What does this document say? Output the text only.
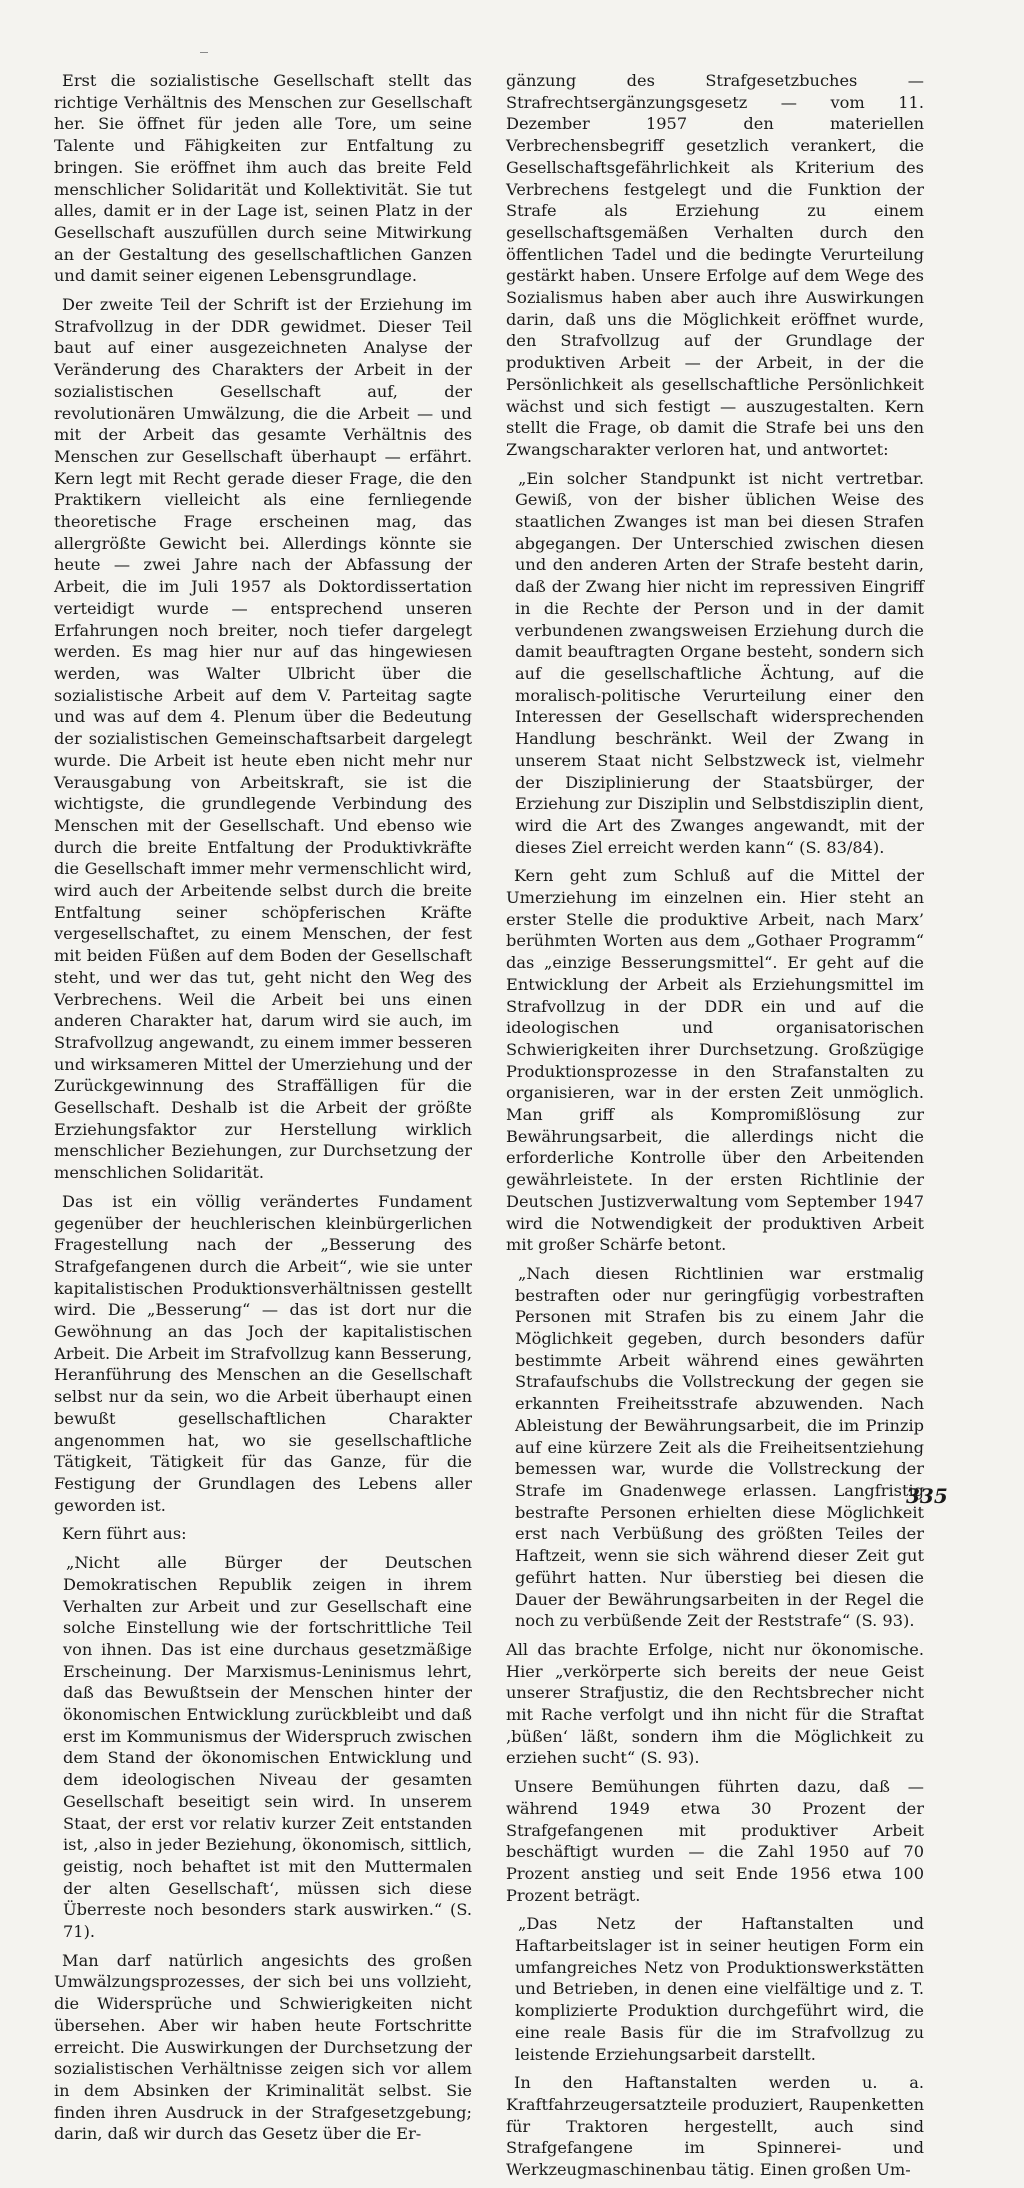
Erst die sozialistische Gesellschaft stellt das richtige Verhältnis des Menschen zur Gesellschaft her. Sie öffnet für jeden alle Tore, um seine Talente und Fähigkeiten zur Entfaltung zu bringen. Sie eröffnet ihm auch das breite Feld menschlicher Solidarität und Kollektivität. Sie tut alles, damit er in der Lage ist, seinen Platz in der Gesellschaft auszufüllen durch seine Mitwirkung an der Gestaltung des gesellschaftlichen Ganzen und damit seiner eigenen Lebensgrundlage.

Der zweite Teil der Schrift ist der Erziehung im Strafvollzug in der DDR gewidmet. Dieser Teil baut auf einer ausgezeichneten Analyse der Veränderung des Charakters der Arbeit in der sozialistischen Gesellschaft auf, der revolutionären Umwälzung, die die Arbeit — und mit der Arbeit das gesamte Verhältnis des Menschen zur Gesellschaft überhaupt — erfährt. Kern legt mit Recht gerade dieser Frage, die den Praktikern vielleicht als eine fernliegende theoretische Frage erscheinen mag, das allergrößte Gewicht bei. Allerdings könnte sie heute — zwei Jahre nach der Abfassung der Arbeit, die im Juli 1957 als Doktordissertation verteidigt wurde — entsprechend unseren Erfahrungen noch breiter, noch tiefer dargelegt werden. Es mag hier nur auf das hingewiesen werden, was Walter Ulbricht über die sozialistische Arbeit auf dem V. Parteitag sagte und was auf dem 4. Plenum über die Bedeutung der sozialistischen Gemeinschaftsarbeit dargelegt wurde. Die Arbeit ist heute eben nicht mehr nur Verausgabung von Arbeitskraft, sie ist die wichtigste, die grundlegende Verbindung des Menschen mit der Gesellschaft. Und ebenso wie durch die breite Entfaltung der Produktivkräfte die Gesellschaft immer mehr vermenschlicht wird, wird auch der Arbeitende selbst durch die breite Entfaltung seiner schöpferischen Kräfte vergesellschaftet, zu einem Menschen, der fest mit beiden Füßen auf dem Boden der Gesellschaft steht, und wer das tut, geht nicht den Weg des Verbrechens. Weil die Arbeit bei uns einen anderen Charakter hat, darum wird sie auch, im Strafvollzug angewandt, zu einem immer besseren und wirksameren Mittel der Umerziehung und der Zurückgewinnung des Straffälligen für die Gesellschaft. Deshalb ist die Arbeit der größte Erziehungsfaktor zur Herstellung wirklich menschlicher Beziehungen, zur Durchsetzung der menschlichen Solidarität.

Das ist ein völlig verändertes Fundament gegenüber der heuchlerischen kleinbürgerlichen Fragestellung nach der „Besserung des Strafgefangenen durch die Arbeit“, wie sie unter kapitalistischen Produktionsverhältnissen gestellt wird. Die „Besserung“ — das ist dort nur die Gewöhnung an das Joch der kapitalistischen Arbeit. Die Arbeit im Strafvollzug kann Besserung, Heranführung des Menschen an die Gesellschaft selbst nur da sein, wo die Arbeit überhaupt einen bewußt gesellschaftlichen Charakter angenommen hat, wo sie gesellschaftliche Tätigkeit, Tätigkeit für das Ganze, für die Festigung der Grundlagen des Lebens aller geworden ist.

Kern führt aus:

„Nicht alle Bürger der Deutschen Demokratischen Republik zeigen in ihrem Verhalten zur Arbeit und zur Gesellschaft eine solche Einstellung wie der fortschrittliche Teil von ihnen. Das ist eine durchaus gesetzmäßige Erscheinung. Der Marxismus-Leninismus lehrt, daß das Bewußtsein der Menschen hinter der ökonomischen Entwicklung zurückbleibt und daß erst im Kommunismus der Widerspruch zwischen dem Stand der ökonomischen Entwicklung und dem ideologischen Niveau der gesamten Gesellschaft beseitigt sein wird. In unserem Staat, der erst vor relativ kurzer Zeit entstanden ist, ‚also in jeder Beziehung, ökonomisch, sittlich, geistig, noch behaftet ist mit den Muttermalen der alten Gesellschaft‘, müssen sich diese Überreste noch besonders stark auswirken.“ (S. 71).

Man darf natürlich angesichts des großen Umwälzungsprozesses, der sich bei uns vollzieht, die Widersprüche und Schwierigkeiten nicht übersehen. Aber wir haben heute Fortschritte erreicht. Die Auswirkungen der Durchsetzung der sozialistischen Verhältnisse zeigen sich vor allem in dem Absinken der Kriminalität selbst. Sie finden ihren Ausdruck in der Strafgesetzgebung; darin, daß wir durch das Gesetz über die Er-

gänzung des Strafgesetzbuches — Strafrechtsergänzungsgesetz — vom 11. Dezember 1957 den materiellen Verbrechensbegriff gesetzlich verankert, die Gesellschaftsgefährlichkeit als Kriterium des Verbrechens festgelegt und die Funktion der Strafe als Erziehung zu einem gesellschaftsgemäßen Verhalten durch den öffentlichen Tadel und die bedingte Verurteilung gestärkt haben. Unsere Erfolge auf dem Wege des Sozialismus haben aber auch ihre Auswirkungen darin, daß uns die Möglichkeit eröffnet wurde, den Strafvollzug auf der Grundlage der produktiven Arbeit — der Arbeit, in der die Persönlichkeit als gesellschaftliche Persönlichkeit wächst und sich festigt — auszugestalten. Kern stellt die Frage, ob damit die Strafe bei uns den Zwangscharakter verloren hat, und antwortet:

„Ein solcher Standpunkt ist nicht vertretbar. Gewiß, von der bisher üblichen Weise des staatlichen Zwanges ist man bei diesen Strafen abgegangen. Der Unterschied zwischen diesen und den anderen Arten der Strafe besteht darin, daß der Zwang hier nicht im repressiven Eingriff in die Rechte der Person und in der damit verbundenen zwangsweisen Erziehung durch die damit beauftragten Organe besteht, sondern sich auf die gesellschaftliche Ächtung, auf die moralisch-politische Verurteilung einer den Interessen der Gesellschaft widersprechenden Handlung beschränkt. Weil der Zwang in unserem Staat nicht Selbstzweck ist, vielmehr der Disziplinierung der Staatsbürger, der Erziehung zur Disziplin und Selbstdisziplin dient, wird die Art des Zwanges angewandt, mit der dieses Ziel erreicht werden kann“ (S. 83/84).

Kern geht zum Schluß auf die Mittel der Umerziehung im einzelnen ein. Hier steht an erster Stelle die produktive Arbeit, nach Marx’ berühmten Worten aus dem „Gothaer Programm“ das „einzige Besserungsmittel“. Er geht auf die Entwicklung der Arbeit als Erziehungsmittel im Strafvollzug in der DDR ein und auf die ideologischen und organisatorischen Schwierigkeiten ihrer Durchsetzung. Großzügige Produktionsprozesse in den Strafanstalten zu organisieren, war in der ersten Zeit unmöglich. Man griff als Kompromißlösung zur Bewährungsarbeit, die allerdings nicht die erforderliche Kontrolle über den Arbeitenden gewährleistete. In der ersten Richtlinie der Deutschen Justizverwaltung vom September 1947 wird die Notwendigkeit der produktiven Arbeit mit großer Schärfe betont.

„Nach diesen Richtlinien war erstmalig bestraften oder nur geringfügig vorbestraften Personen mit Strafen bis zu einem Jahr die Möglichkeit gegeben, durch besonders dafür bestimmte Arbeit während eines gewährten Strafaufschubs die Vollstreckung der gegen sie erkannten Freiheitsstrafe abzuwenden. Nach Ableistung der Bewährungsarbeit, die im Prinzip auf eine kürzere Zeit als die Freiheitsentziehung bemessen war, wurde die Vollstreckung der Strafe im Gnadenwege erlassen. Langfristig bestrafte Personen erhielten diese Möglichkeit erst nach Verbüßung des größten Teiles der Haftzeit, wenn sie sich während dieser Zeit gut geführt hatten. Nur überstieg bei diesen die Dauer der Bewährungsarbeiten in der Regel die noch zu verbüßende Zeit der Reststrafe“ (S. 93).

All das brachte Erfolge, nicht nur ökonomische. Hier „verkörperte sich bereits der neue Geist unserer Strafjustiz, die den Rechtsbrecher nicht mit Rache verfolgt und ihn nicht für die Straftat ‚büßen‘ läßt, sondern ihm die Möglichkeit zu erziehen sucht“ (S. 93).

Unsere Bemühungen führten dazu, daß — während 1949 etwa 30 Prozent der Strafgefangenen mit produktiver Arbeit beschäftigt wurden — die Zahl 1950 auf 70 Prozent anstieg und seit Ende 1956 etwa 100 Prozent beträgt.

„Das Netz der Haftanstalten und Haftarbeitslager ist in seiner heutigen Form ein umfangreiches Netz von Produktionswerkstätten und Betrieben, in denen eine vielfältige und z. T. komplizierte Produktion durchgeführt wird, die eine reale Basis für die im Strafvollzug zu leistende Erziehungsarbeit darstellt.

In den Haftanstalten werden u. a. Kraftfahrzeugersatzteile produziert, Raupenketten für Traktoren hergestellt, auch sind Strafgefangene im Spinnerei- und Werkzeugmaschinenbau tätig. Einen großen Um-

335
